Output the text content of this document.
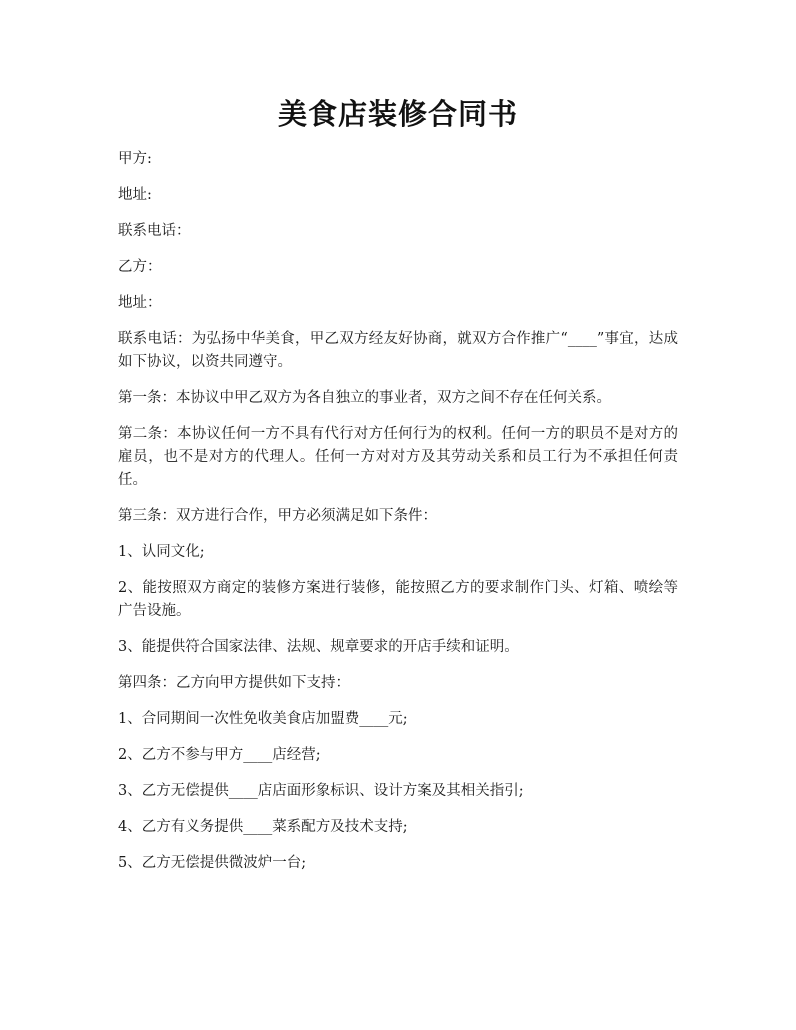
美食店装修合同书

甲方:

地址:

联系电话：

乙方：

地址：

联系电话：为弘扬中华美食，甲乙双方经友好协商，就双方合作推广“____”事宜，达成如下协议，以资共同遵守。

第一条：本协议中甲乙双方为各自独立的事业者，双方之间不存在任何关系。

第二条：本协议任何一方不具有代行对方任何行为的权利。任何一方的职员不是对方的雇员，也不是对方的代理人。任何一方对对方及其劳动关系和员工行为不承担任何责任。

第三条：双方进行合作，甲方必须满足如下条件：

1、认同文化;

2、能按照双方商定的装修方案进行装修，能按照乙方的要求制作门头、灯箱、喷绘等广告设施。

3、能提供符合国家法律、法规、规章要求的开店手续和证明。

第四条：乙方向甲方提供如下支持：

1、合同期间一次性免收美食店加盟费____元;

2、乙方不参与甲方____店经营;

3、乙方无偿提供____店店面形象标识、设计方案及其相关指引;

4、乙方有义务提供____菜系配方及技术支持;

5、乙方无偿提供微波炉一台;
